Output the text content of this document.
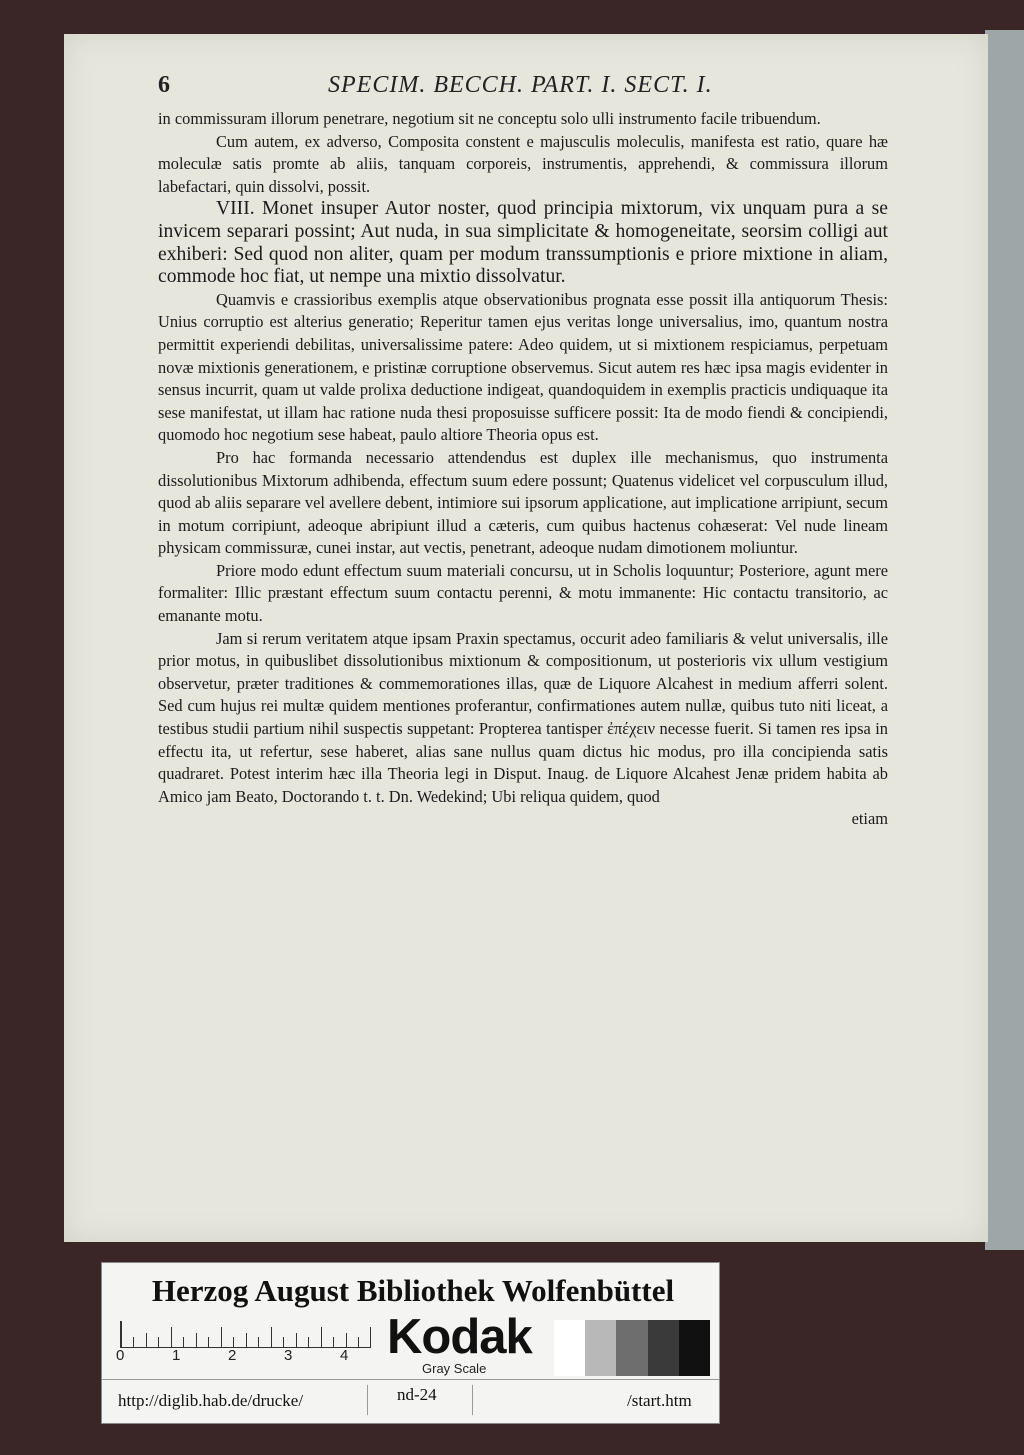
6	SPECIM. BECCH. PART. I. SECT. I.

in commissuram illorum penetrare, negotium sit ne conceptu solo ulli instrumento facile tribuendum.

Cum autem, ex adverso, Composita constent e majusculis moleculis, manifesta est ratio, quare hæ moleculæ satis promte ab aliis, tanquam corporeis, instrumentis, apprehendi, & commissura illorum labefactari, quin dissolvi, possit.

VIII. Monet insuper Autor noster, quod principia mixtorum, vix unquam pura a se invicem separari possint; Aut nuda, in sua simplicitate & homogeneitate, seorsim colligi aut exhiberi: Sed quod non aliter, quam per modum transsumptionis e priore mixtione in aliam, commode hoc fiat, ut nempe una mixtio dissolvatur.

Quamvis e crassioribus exemplis atque observationibus prognata esse possit illa antiquorum Thesis: Unius corruptio est alterius generatio; Reperitur tamen ejus veritas longe universalius, imo, quantum nostra permittit experiendi debilitas, universalissime patere: Adeo quidem, ut si mixtionem respiciamus, perpetuam novæ mixtionis generationem, e pristinæ corruptione observemus. Sicut autem res hæc ipsa magis evidenter in sensus incurrit, quam ut valde prolixa deductione indigeat, quandoquidem in exemplis practicis undiquaque ita sese manifestat, ut illam hac ratione nuda thesi proposuisse sufficere possit: Ita de modo fiendi & concipiendi, quomodo hoc negotium sese habeat, paulo altiore Theoria opus est.

Pro hac formanda necessario attendendus est duplex ille mechanismus, quo instrumenta dissolutionibus Mixtorum adhibenda, effectum suum edere possunt; Quatenus videlicet vel corpusculum illud, quod ab aliis separare vel avellere debent, intimiore sui ipsorum applicatione, aut implicatione arripiunt, secum in motum corripiunt, adeoque abripiunt illud a cæteris, cum quibus hactenus cohæserat: Vel nude lineam physicam commissuræ, cunei instar, aut vectis, penetrant, adeoque nudam dimotionem moliuntur.

Priore modo edunt effectum suum materiali concursu, ut in Scholis loquuntur; Posteriore, agunt mere formaliter: Illic præstant effectum suum contactu perenni, & motu immanente: Hic contactu transitorio, ac emanante motu.

Jam si rerum veritatem atque ipsam Praxin spectamus, occurit adeo familiaris & velut universalis, ille prior motus, in quibuslibet dissolutionibus mixtionum & compositionum, ut posterioris vix ullum vestigium observetur, præter traditiones & commemorationes illas, quæ de Liquore Alcahest in medium afferri solent. Sed cum hujus rei multæ quidem mentiones proferantur, confirmationes autem nullæ, quibus tuto niti liceat, a testibus studii partium nihil suspectis suppetant: Propterea tantisper ἐπέχειν necesse fuerit. Si tamen res ipsa in effectu ita, ut refertur, sese haberet, alias sane nullus quam dictus hic modus, pro illa concipienda satis quadraret. Potest interim hæc illa Theoria legi in Disput. Inaug. de Liquore Alcahest Jenæ pridem habita ab Amico jam Beato, Doctorando t. t. Dn. Wedekind; Ubi reliqua quidem, quod

etiam
Herzog August Bibliothek Wolfenbüttel
0	1	2	3	4 Kodak
Gray Scale
http://diglib.hab.de/drucke/	nd-24	/start.htm
